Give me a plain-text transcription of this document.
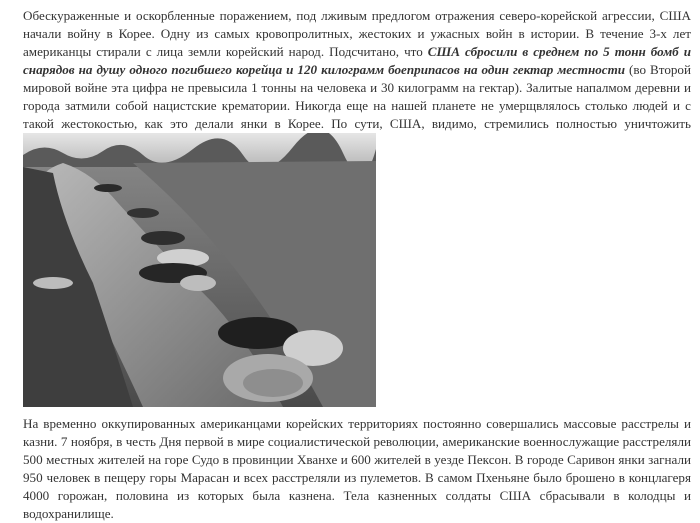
Обескураженные и оскорбленные поражением, под лживым предлогом отражения северо-корейской агрессии, США начали войну в Корее. Одну из самых кровопролитных, жестоких и ужасных войн в истории. В течение 3-х лет американцы стирали с лица земли корейский народ. Подсчитано, что США сбросили в среднем по 5 тонн бомб и снарядов на душу одного погибшего корейца и 120 килограмм боеприпасов на один гектар местности (во Второй мировой войне эта цифра не превысила 1 тонны на человека и 30 килограмм на гектар). Залитые напалмом деревни и города затмили собой нацистские крематории. Никогда еще на нашей планете не умерщвлялось столько людей и с такой жестокостью, как это делали янки в Корее. По сути, США, видимо, стремились полностью уничтожить

На временно оккупированных американцами корейских территориях постоянно совершались массовые расстрелы и казни. 7 ноября, в честь Дня первой в мире социалистической революции, американские военнослужащие расстреляли 500 местных жителей на горе Судо в провинции Хванхе и 600 жителей в уезде Пексон. В городе Саривон янки загнали 950 человек в пещеру горы Марасан и всех расстреляли из пулеметов. В самом Пхеньяне было брошено в концлагеря 4000 горожан, половина из которых была казнена. Тела казненных солдаты США сбрасывали в колодцы и водохранилище.
